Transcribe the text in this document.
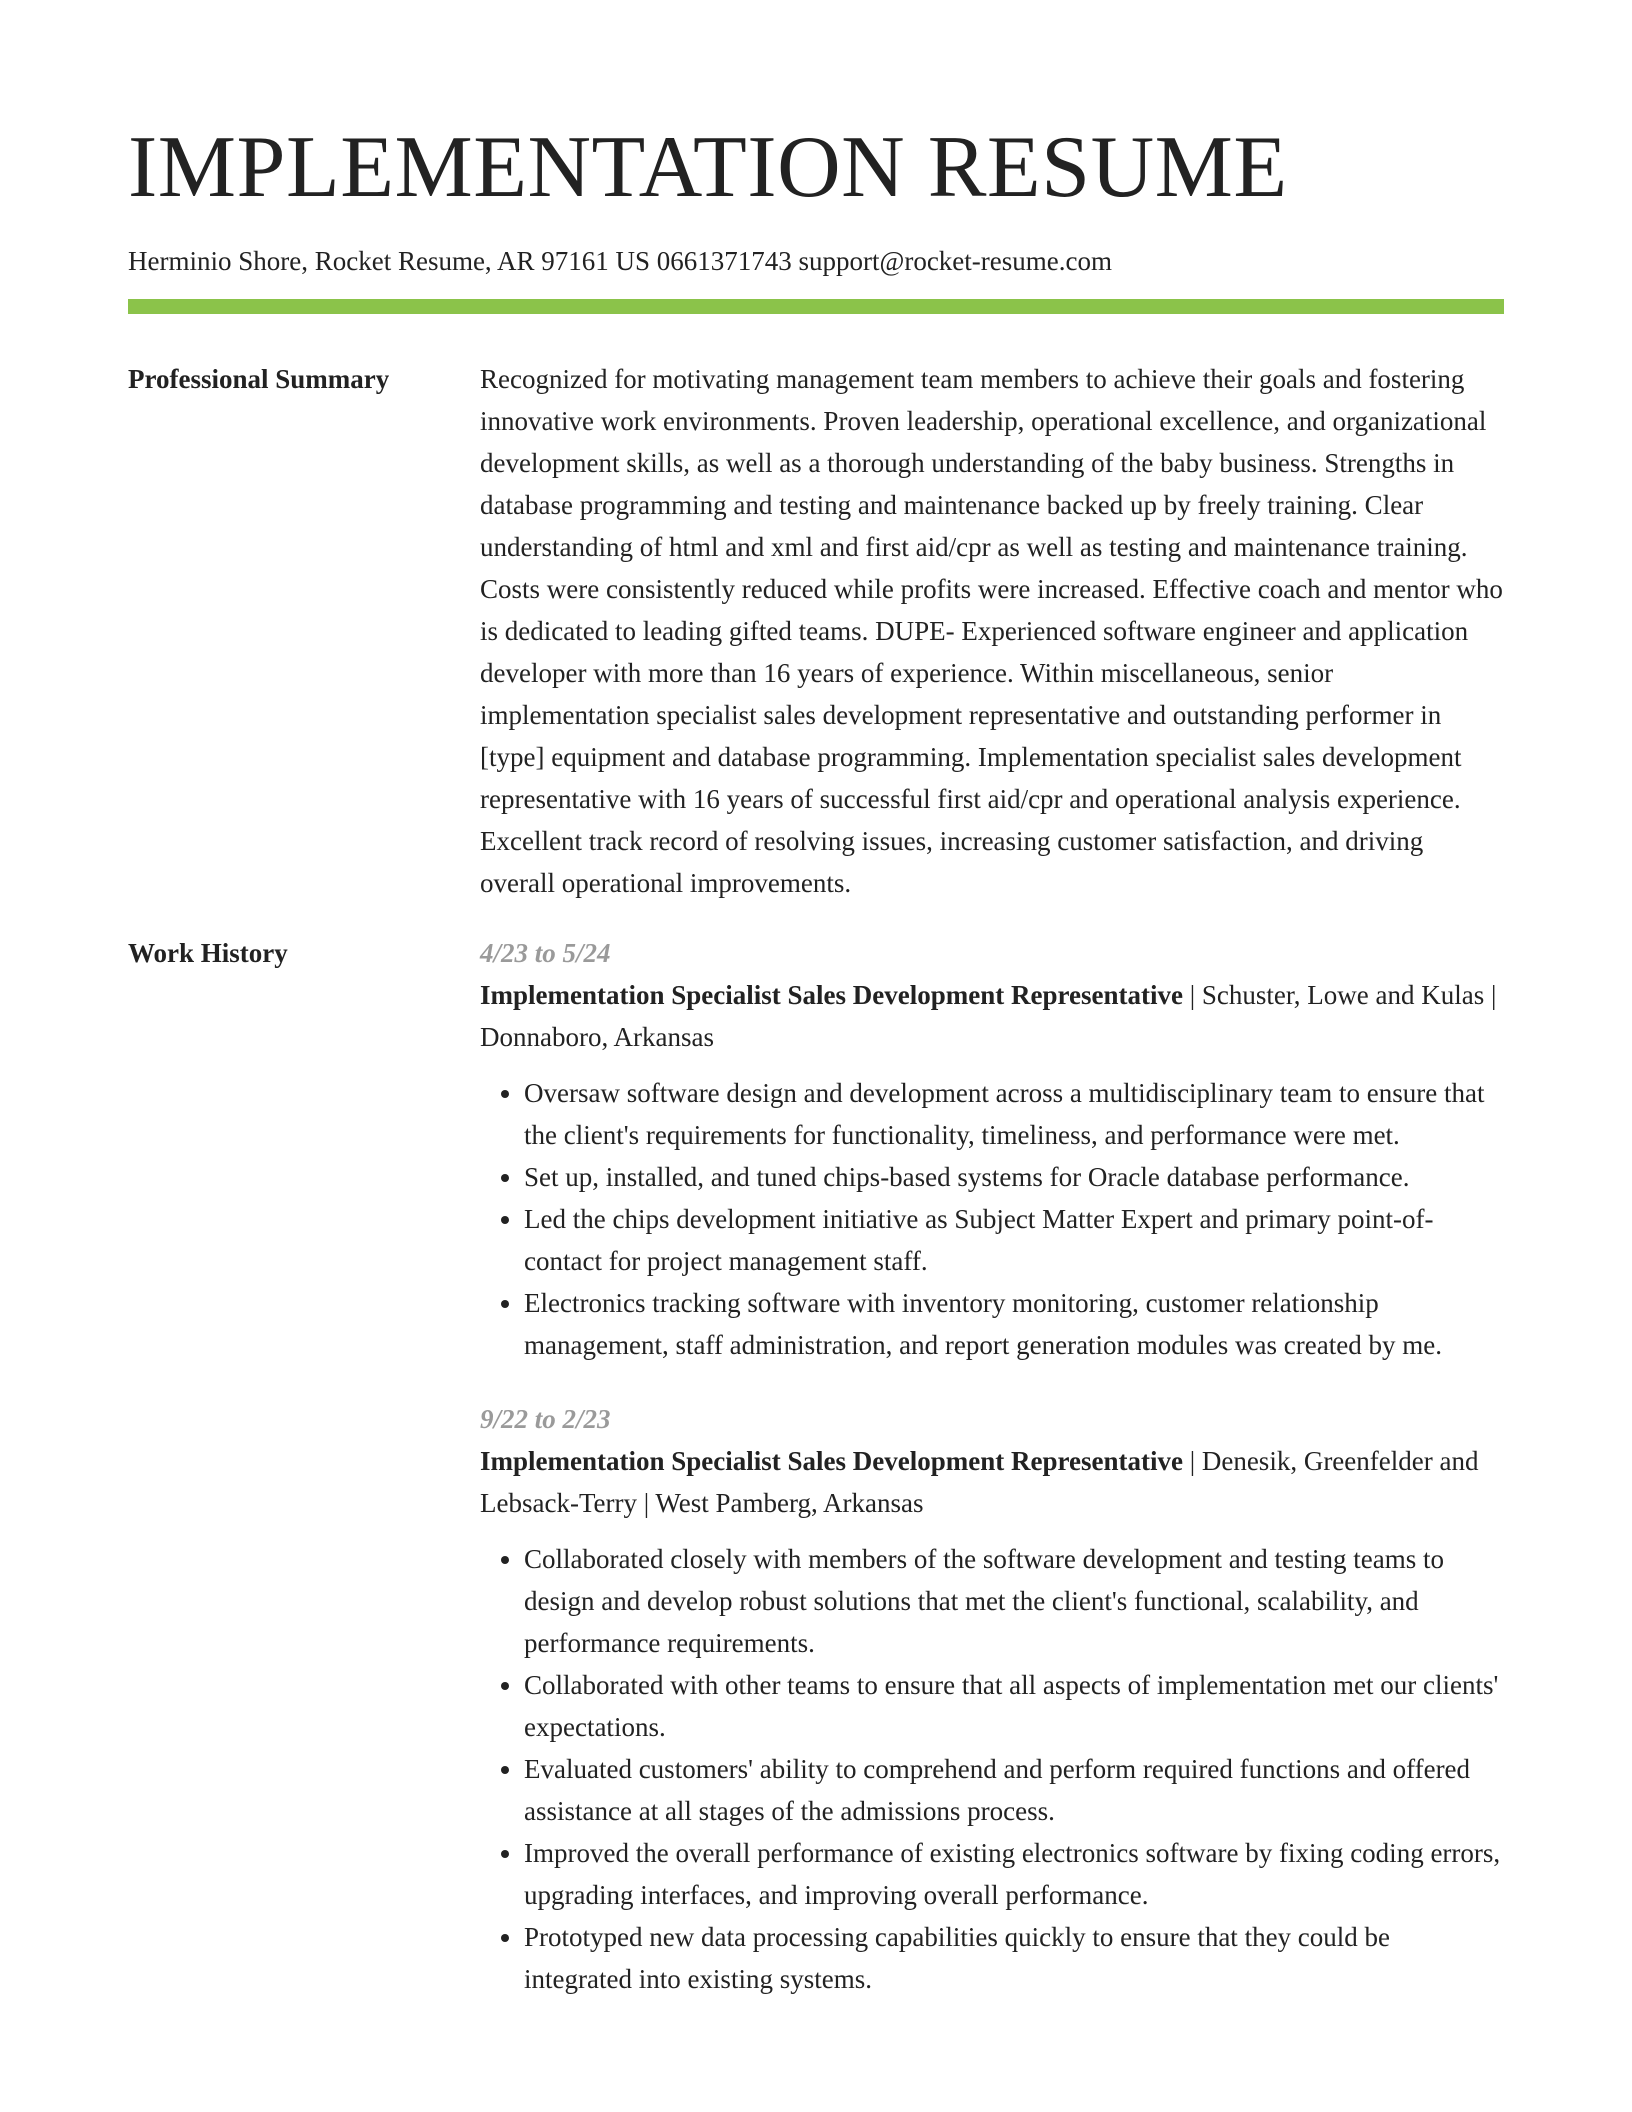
IMPLEMENTATION RESUME
Herminio Shore, Rocket Resume, AR 97161 US 0661371743 support@rocket-resume.com
Professional Summary	Recognized for motivating management team members to achieve their goals and fostering innovative work environments. Proven leadership, operational excellence, and organizational development skills, as well as a thorough understanding of the baby business. Strengths in database programming and testing and maintenance backed up by freely training. Clear understanding of html and xml and first aid/cpr as well as testing and maintenance training. Costs were consistently reduced while profits were increased. Effective coach and mentor who is dedicated to leading gifted teams. DUPE- Experienced software engineer and application developer with more than 16 years of experience. Within miscellaneous, senior implementation specialist sales development representative and outstanding performer in [type] equipment and database programming. Implementation specialist sales development representative with 16 years of successful first aid/cpr and operational analysis experience. Excellent track record of resolving issues, increasing customer satisfaction, and driving overall operational improvements.

Work History	4/23 to 5/24
Implementation Specialist Sales Development Representative | Schuster, Lowe and Kulas | Donnaboro, Arkansas
• Oversaw software design and development across a multidisciplinary team to ensure that the client's requirements for functionality, timeliness, and performance were met.
• Set up, installed, and tuned chips-based systems for Oracle database performance.
• Led the chips development initiative as Subject Matter Expert and primary point-of-contact for project management staff.
• Electronics tracking software with inventory monitoring, customer relationship management, staff administration, and report generation modules was created by me.
9/22 to 2/23
Implementation Specialist Sales Development Representative | Denesik, Greenfelder and Lebsack-Terry | West Pamberg, Arkansas
• Collaborated closely with members of the software development and testing teams to design and develop robust solutions that met the client's functional, scalability, and performance requirements.
• Collaborated with other teams to ensure that all aspects of implementation met our clients' expectations.
• Evaluated customers' ability to comprehend and perform required functions and offered assistance at all stages of the admissions process.
• Improved the overall performance of existing electronics software by fixing coding errors, upgrading interfaces, and improving overall performance.
• Prototyped new data processing capabilities quickly to ensure that they could be integrated into existing systems.
